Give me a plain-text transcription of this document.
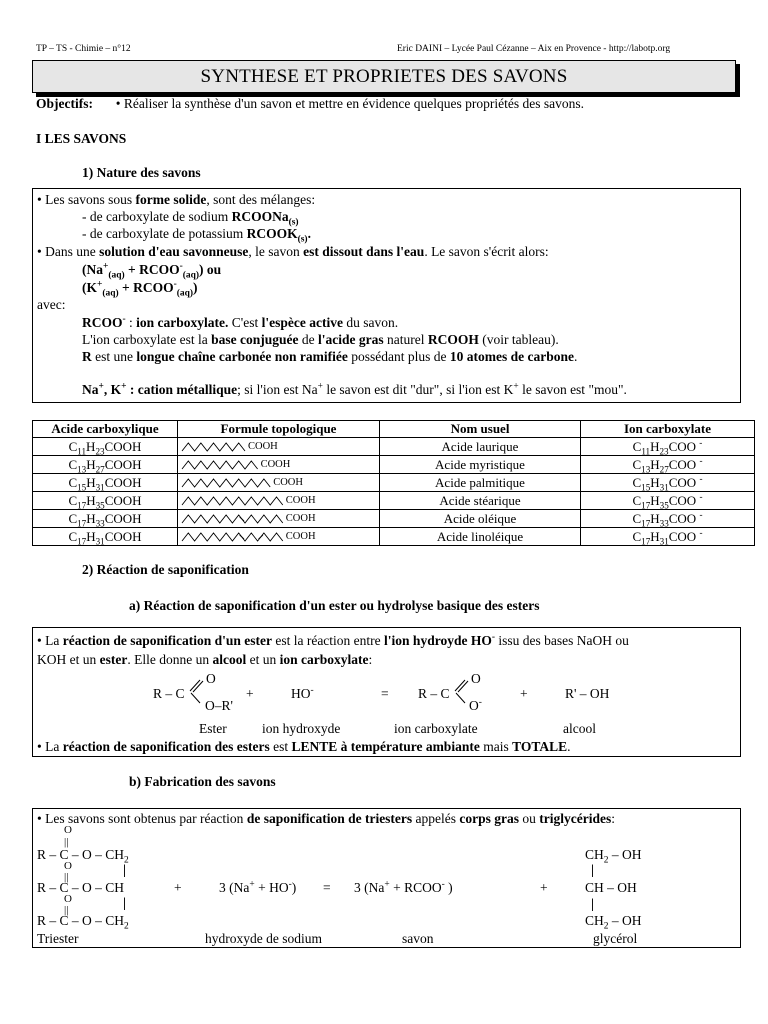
TP – TS - Chimie – n°12	Eric DAINI – Lycée Paul Cézanne – Aix en Provence - http://labotp.org
SYNTHESE ET PROPRIETES DES SAVONS
Objectifs: • Réaliser la synthèse d'un savon et mettre en évidence quelques propriétés des savons.
I LES SAVONS
1) Nature des savons
• Les savons sous forme solide, sont des mélanges:
- de carboxylate de sodium RCOONa$_{(s)}$
- de carboxylate de potassium $RCOOK_{(s)}$.
• Dans une solution d'eau savonneuse, le savon est dissout dans l'eau. Le savon s'écrit alors:
($Na^+_{(aq)}$ + $RCOO^-_{(aq)}$) ou
($K^+_{(aq)}$ + $RCOO^-_{(aq)}$)
avec:
RCOO- : ion carboxylate. C'est l'espèce active du savon.
L'ion carboxylate est la base conjuguée de l'acide gras naturel RCOOH (voir tableau).
R est une longue chaîne carbonée non ramifiée possédant plus de 10 atomes de carbone.
Na+, K+ : cation métallique; si l'ion est Na+ le savon est dit "dur", si l'ion est K+ le savon est "mou".
Acide carboxylique	Formule topologique	Nom usuel	Ion carboxylate
$C_{11}H_{23}COOH$	COOH	Acide laurique	$C_{11}H_{23}COO$ -
$C_{13}H_{27}COOH$	COOH	Acide myristique	$C_{13}H_{27}COO$ -
$C_{15}H_{31}COOH$	COOH	Acide palmitique	$C_{15}H_{31}COO$ -
$C_{17}H_{35}COOH$	COOH	Acide stéarique	$C_{17}H_{35}COO$ -
$C_{17}H_{33}COOH$	COOH	Acide oléique	$C_{17}H_{33}COO$ -
$C_{17}H_{31}COOH$	COOH	Acide linoléique	$C_{17}H_{31}COO$ -
2) Réaction de saponification
a) Réaction de saponification d'un ester ou hydrolyse basique des esters
• La réaction de saponification d'un ester est la réaction entre l'ion hydroyde HO- issu des bases NaOH ou
KOH et un ester. Elle donne un alcool et un ion carboxylate:
R – C
O
O–R'
+	HO-	= R – C
O
O-
+	R' – OH
Ester	ion hydroxyde	ion carboxylate	alcool
• La réaction de saponification des esters est LENTE à température ambiante mais TOTALE.
b) Fabrication des savons
• Les savons sont obtenus par réaction de saponification de triesters appelés corps gras ou triglycérides:
O
||
R – C – O – $CH_2$
O	|
||
R – C – O – CH
O	|
||
R – C – O – $CH_2$
+	3 (Na+ + HO-) = 3 (Na+ + RCOO- )	+
$CH_2$ – OH
|
CH – OH
|
$CH_2$ – OH
Triester	hydroxyde de sodium	savon	glycérol
